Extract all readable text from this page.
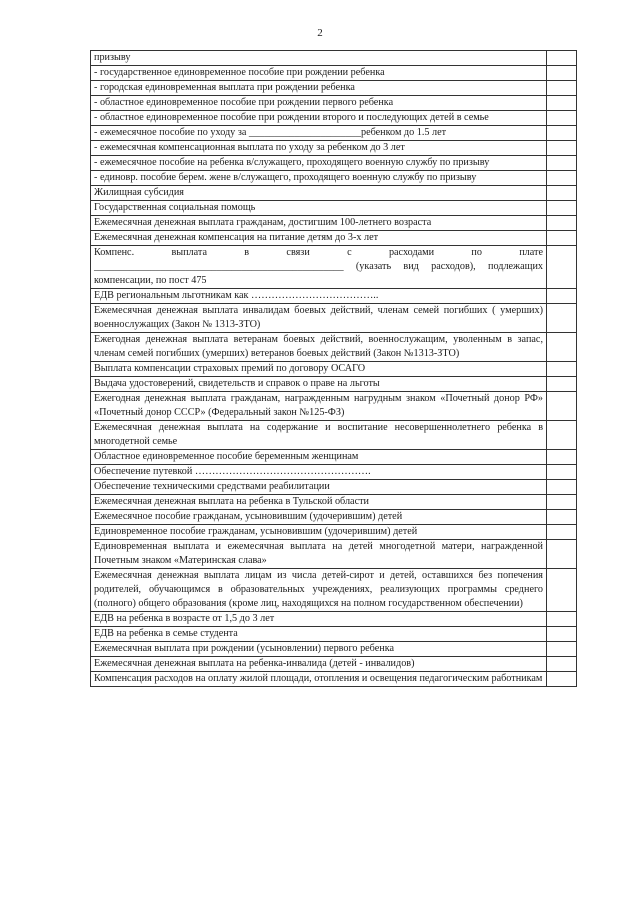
2
призыву	

- государственное единовременное пособие при рождении ребенка	

- городская единовременная выплата при рождении ребенка	

- областное единовременное пособие при рождении первого ребенка	

- областное единовременное пособие при рождении второго и последующих детей в семье	

- ежемесячное пособие по уходу за ______________________ребенком до 1.5 лет	

- ежемесячная компенсационная выплата по уходу за ребенком до 3 лет	

- ежемесячное пособие на ребенка в/служащего, проходящего военную службу по призыву	

- единовр. пособие берем. жене в/служащего, проходящего военную службу по призыву	

Жилищная субсидия	

Государственная социальная помощь	

Ежемесячная денежная выплата гражданам, достигшим 100-летнего возраста	

Ежемесячная денежная компенсация на питание детям до 3-х лет	

Компенс. выплата в связи с расходами по плате _________________________________________________ (указать вид расходов), подлежащих компенсации, по пост 475	

ЕДВ региональным льготникам как ………………………………..	

Ежемесячная денежная выплата инвалидам боевых действий, членам семей погибших ( умерших) военнослужащих (Закон № 1313-ЗТО)	

Ежегодная денежная выплата ветеранам боевых действий, военнослужащим, уволенным в запас, членам семей погибших (умерших) ветеранов боевых действий (Закон №1313-ЗТО)	

Выплата компенсации страховых премий по договору ОСАГО	

Выдача удостоверений, свидетельств и справок о праве на льготы	

Ежегодная денежная выплата гражданам, награжденным нагрудным знаком «Почетный донор РФ» «Почетный донор СССР» (Федеральный закон №125-ФЗ)	

Ежемесячная денежная выплата на содержание и воспитание несовершеннолетнего ребенка в многодетной семье	

Областное единовременное пособие беременным женщинам	

Обеспечение путевкой …………………………………………….	

Обеспечение техническими средствами реабилитации	

Ежемесячная денежная выплата на ребенка в Тульской области	

Ежемесячное пособие гражданам, усыновившим (удочерившим) детей	

Единовременное пособие гражданам, усыновившим (удочерившим) детей	

Единовременная выплата и ежемесячная выплата на детей многодетной матери, награжденной Почетным знаком «Материнская слава»	

Ежемесячная денежная выплата лицам из числа детей-сирот и детей, оставшихся без попечения родителей, обучающимся в образовательных учреждениях, реализующих программы среднего (полного) общего образования (кроме лиц, находящихся на полном государственном обеспечении)	

ЕДВ на ребенка в возрасте от 1,5 до 3 лет	

ЕДВ на ребенка в семье студента	

Ежемесячная выплата при рождении (усыновлении) первого ребенка	

Ежемесячная денежная выплата на ребенка-инвалида (детей - инвалидов)	

Компенсация расходов на оплату жилой площади, отопления и освещения педагогическим работникам	
